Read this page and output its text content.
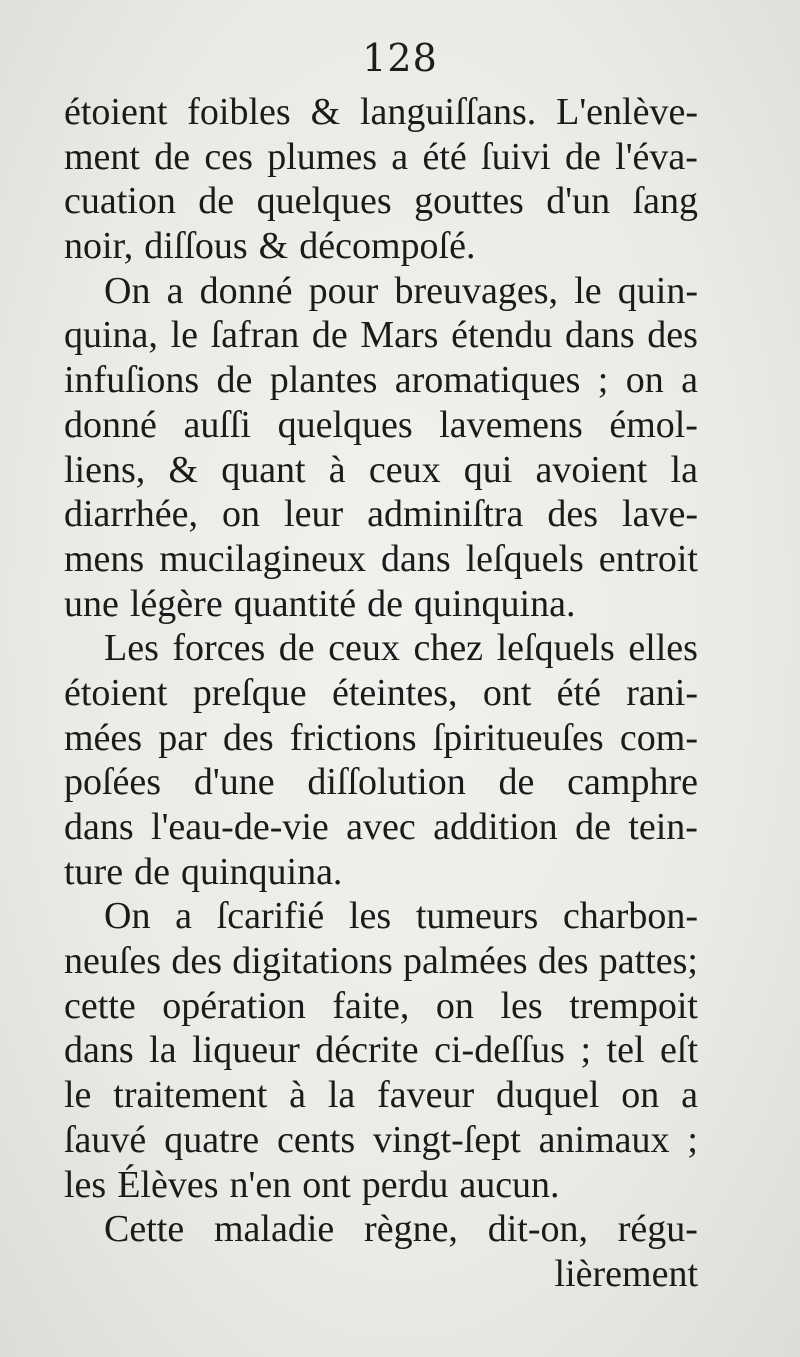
128
étoient foibles & languiſſans. L'enlève-
ment de ces plumes a été ſuivi de l'éva-
cuation de quelques gouttes d'un ſang
noir, diſſous & décompoſé.
On a donné pour breuvages, le quin-
quina, le ſafran de Mars étendu dans des
infuſions de plantes aromatiques ; on a
donné auſſi quelques lavemens émol-
liens, & quant à ceux qui avoient la
diarrhée, on leur adminiſtra des lave-
mens mucilagineux dans leſquels entroit
une légère quantité de quinquina.
Les forces de ceux chez leſquels elles
étoient preſque éteintes, ont été rani-
mées par des frictions ſpiritueuſes com-
poſées d'une diſſolution de camphre
dans l'eau-de-vie avec addition de tein-
ture de quinquina.
On a ſcarifié les tumeurs charbon-
neuſes des digitations palmées des pattes;
cette opération faite, on les trempoit
dans la liqueur décrite ci-deſſus ; tel eſt
le traitement à la faveur duquel on a
ſauvé quatre cents vingt-ſept animaux ;
les Élèves n'en ont perdu aucun.
Cette maladie règne, dit-on, régu-
lièrement
